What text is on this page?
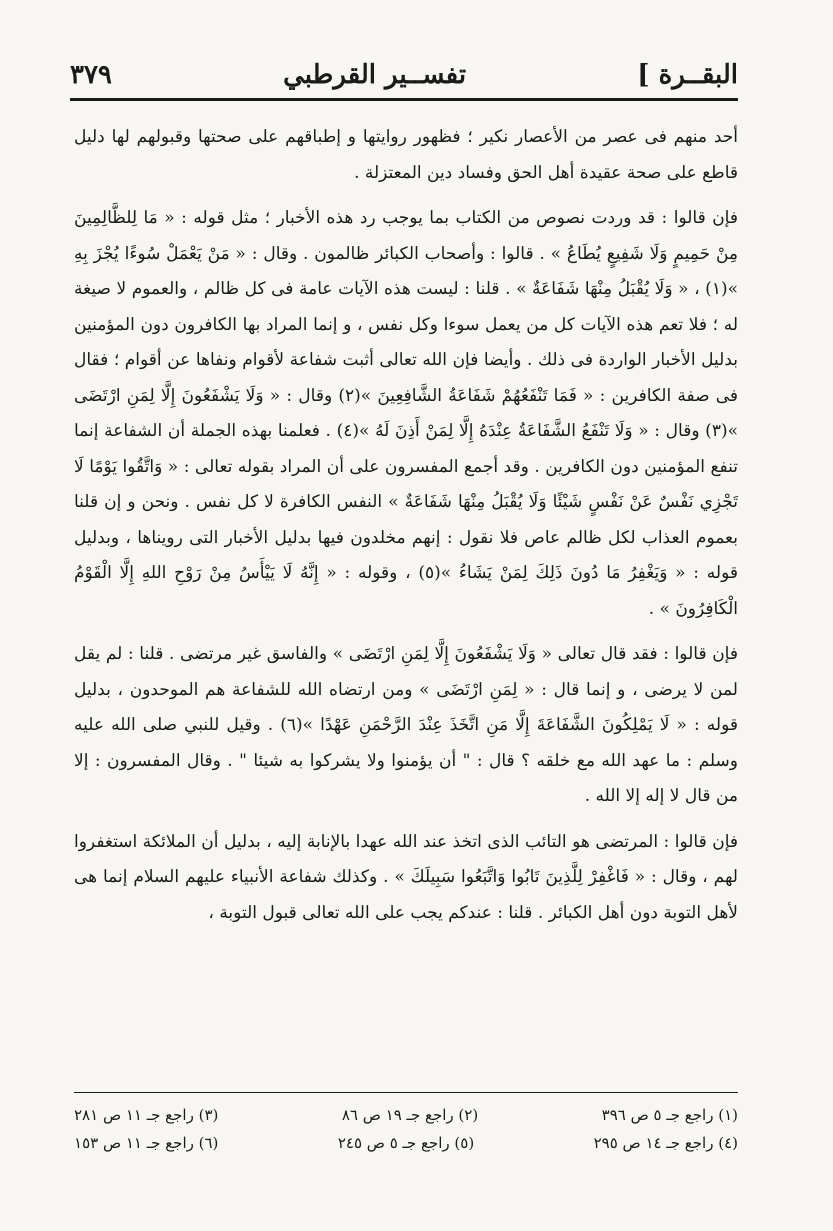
البقــرة ]
تفســير القرطبي
٣٧٩

أحد منهم فى عصر من الأعصار نكير ؛ فظهور روايتها و إطباقهم على صحتها وقبولهم لها دليل قاطع على صحة عقيدة أهل الحق وفساد دين المعتزلة .

فإن قالوا : قد وردت نصوص من الكتاب بما يوجب رد هذه الأخبار ؛ مثل قوله : « مَا لِلظَّالِمِينَ مِنْ حَمِيمٍ وَلَا شَفِيعٍ يُطَاعُ » . قالوا : وأصحاب الكبائر ظالمون . وقال : « مَنْ يَعْمَلْ سُوءًا يُجْزَ بِهِ »(١) ، « وَلَا يُقْبَلُ مِنْهَا شَفَاعَةٌ » . قلنا : ليست هذه الآيات عامة فى كل ظالم ، والعموم لا صيغة له ؛ فلا تعم هذه الآيات كل من يعمل سوءا وكل نفس ، و إنما المراد بها الكافرون دون المؤمنين بدليل الأخبار الواردة فى ذلك . وأيضا فإن الله تعالى أثبت شفاعة لأقوام ونفاها عن أقوام ؛ فقال فى صفة الكافرين : « فَمَا تَنْفَعُهُمْ شَفَاعَةُ الشَّافِعِينَ »(٢) وقال : « وَلَا يَشْفَعُونَ إِلَّا لِمَنِ ارْتَضَى »(٣) وقال : « وَلَا تَنْفَعُ الشَّفَاعَةُ عِنْدَهُ إِلَّا لِمَنْ أَذِنَ لَهُ »(٤) . فعلمنا بهذه الجملة أن الشفاعة إنما تنفع المؤمنين دون الكافرين . وقد أجمع المفسرون على أن المراد بقوله تعالى : « وَاتَّقُوا يَوْمًا لَا تَجْزِي نَفْسٌ عَنْ نَفْسٍ شَيْئًا وَلَا يُقْبَلُ مِنْهَا شَفَاعَةٌ » النفس الكافرة لا كل نفس . ونحن و إن قلنا بعموم العذاب لكل ظالم عاص فلا نقول : إنهم مخلدون فيها بدليل الأخبار التى رويناها ، وبدليل قوله : « وَيَغْفِرُ مَا دُونَ ذَلِكَ لِمَنْ يَشَاءُ »(٥) ، وقوله : « إِنَّهُ لَا يَيْأَسُ مِنْ رَوْحِ اللهِ إِلَّا الْقَوْمُ الْكَافِرُونَ » .

فإن قالوا : فقد قال تعالى « وَلَا يَشْفَعُونَ إِلَّا لِمَنِ ارْتَضَى » والفاسق غير مرتضى . قلنا : لم يقل لمن لا يرضى ، و إنما قال : « لِمَنِ ارْتَضَى » ومن ارتضاه الله للشفاعة هم الموحدون ، بدليل قوله : « لَا يَمْلِكُونَ الشَّفَاعَةَ إِلَّا مَنِ اتَّخَذَ عِنْدَ الرَّحْمَنِ عَهْدًا »(٦) . وقيل للنبي صلى الله عليه وسلم : ما عهد الله مع خلقه ؟ قال : " أن يؤمنوا ولا يشركوا به شيئا " . وقال المفسرون : إلا من قال لا إله إلا الله .

فإن قالوا : المرتضى هو التائب الذى اتخذ عند الله عهدا بالإنابة إليه ، بدليل أن الملائكة استغفروا لهم ، وقال : « فَاغْفِرْ لِلَّذِينَ تَابُوا وَاتَّبَعُوا سَبِيلَكَ » . وكذلك شفاعة الأنبياء عليهم السلام إنما هى لأهل التوبة دون أهل الكبائر . قلنا : عندكم يجب على الله تعالى قبول التوبة ،

(١) راجع جـ ٥ ص ٣٩٦
(٢) راجع جـ ١٩ ص ٨٦
(٣) راجع جـ ١١ ص ٢٨١
(٤) راجع جـ ١٤ ص ٢٩٥
(٥) راجع جـ ٥ ص ٢٤٥
(٦) راجع جـ ١١ ص ١٥٣
